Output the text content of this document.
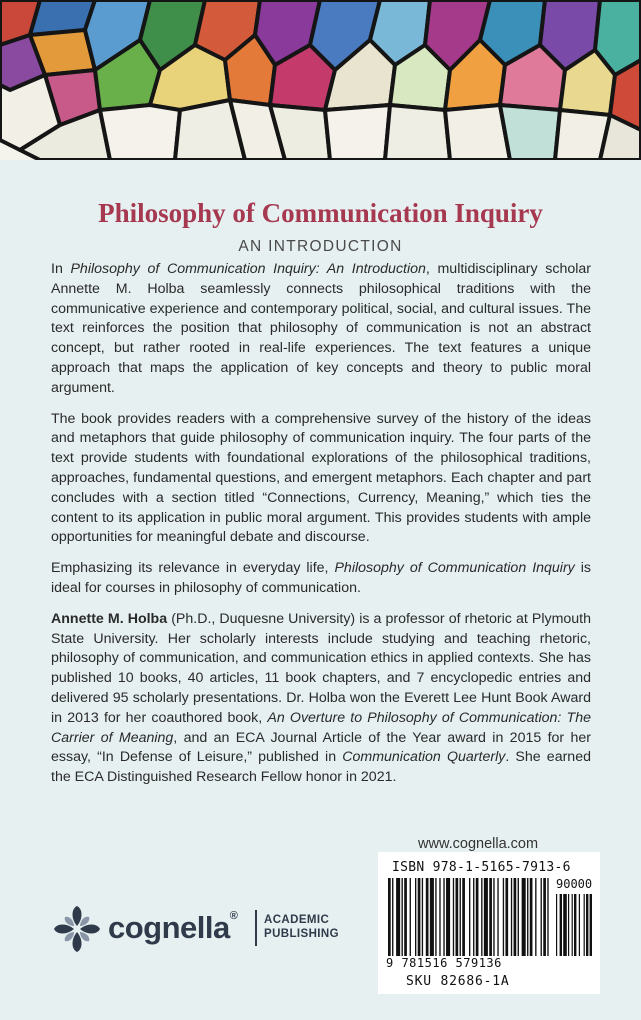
Philosophy of Communication Inquiry
AN INTRODUCTION

In Philosophy of Communication Inquiry: An Introduction, multidisciplinary scholar Annette M. Holba seamlessly connects philosophical traditions with the communicative experience and contemporary political, social, and cultural issues. The text reinforces the position that philosophy of communication is not an abstract concept, but rather rooted in real-life experiences. The text features a unique approach that maps the application of key concepts and theory to public moral argument.

The book provides readers with a comprehensive survey of the history of the ideas and metaphors that guide philosophy of communication inquiry. The four parts of the text provide students with foundational explorations of the philosophical traditions, approaches, fundamental questions, and emergent metaphors. Each chapter and part concludes with a section titled “Connections, Currency, Meaning,” which ties the content to its application in public moral argument. This provides students with ample opportunities for meaningful debate and discourse.

Emphasizing its relevance in everyday life, Philosophy of Communication Inquiry is ideal for courses in philosophy of communication.

Annette M. Holba (Ph.D., Duquesne University) is a professor of rhetoric at Plymouth State University. Her scholarly interests include studying and teaching rhetoric, philosophy of communication, and communication ethics in applied contexts. She has published 10 books, 40 articles, 11 book chapters, and 7 encyclopedic entries and delivered 95 scholarly presentations. Dr. Holba won the Everett Lee Hunt Book Award in 2013 for her coauthored book, An Overture to Philosophy of Communication: The Carrier of Meaning, and an ECA Journal Article of the Year award in 2015 for her essay, “In Defense of Leisure,” published in Communication Quarterly. She earned the ECA Distinguished Research Fellow honor in 2021.

www.cognella.com
ISBN 978-1-5165-7913-6
90000
9 781516 579136
SKU 82686-1A
cognella® ACADEMIC
PUBLISHING
